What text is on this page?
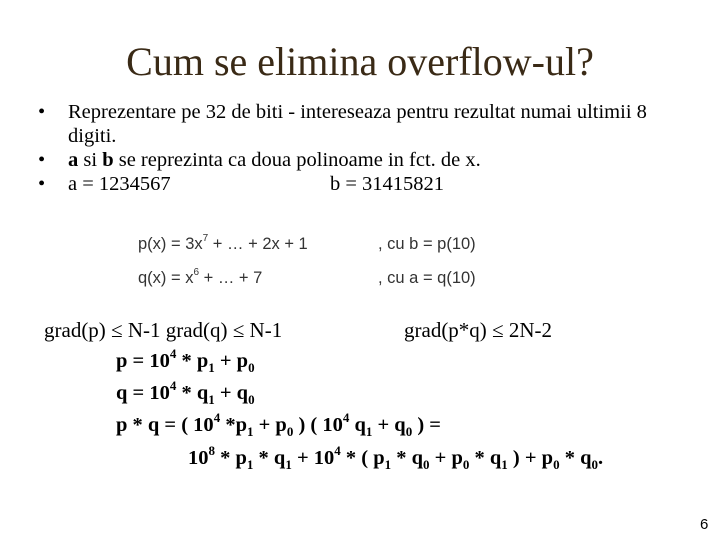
Cum se elimina overflow-ul?
• Reprezentare pe 32 de biti - intereseaza pentru rezultat numai ultimii 8 digiti.
• a si b se reprezinta ca doua polinoame in fct. de x.
• a = 1234567	b = 31415821
$p(x) = 3x^7$ + … + 2x + 1	, cu b = p(10)
$q(x) = x^6$ + … + 7	, cu a = q(10)
grad(p) ≤ N-1 grad(q) ≤ N-1	grad(p*q) ≤ 2N-2
$p = 10^4 * p_1 + p_0$
$q = 10^4 * q_1 + q_0$
p * q = ( $10^4$ $*p_1 + p_0$ ) ( $10^4$ $q_1 + q_0$ ) =
$10^8 * p_1 * q_1 + 10^4$ * ( $p_1 * q_0 + p_0 * q_1$ ) + $p_0 * q_0$.
6
